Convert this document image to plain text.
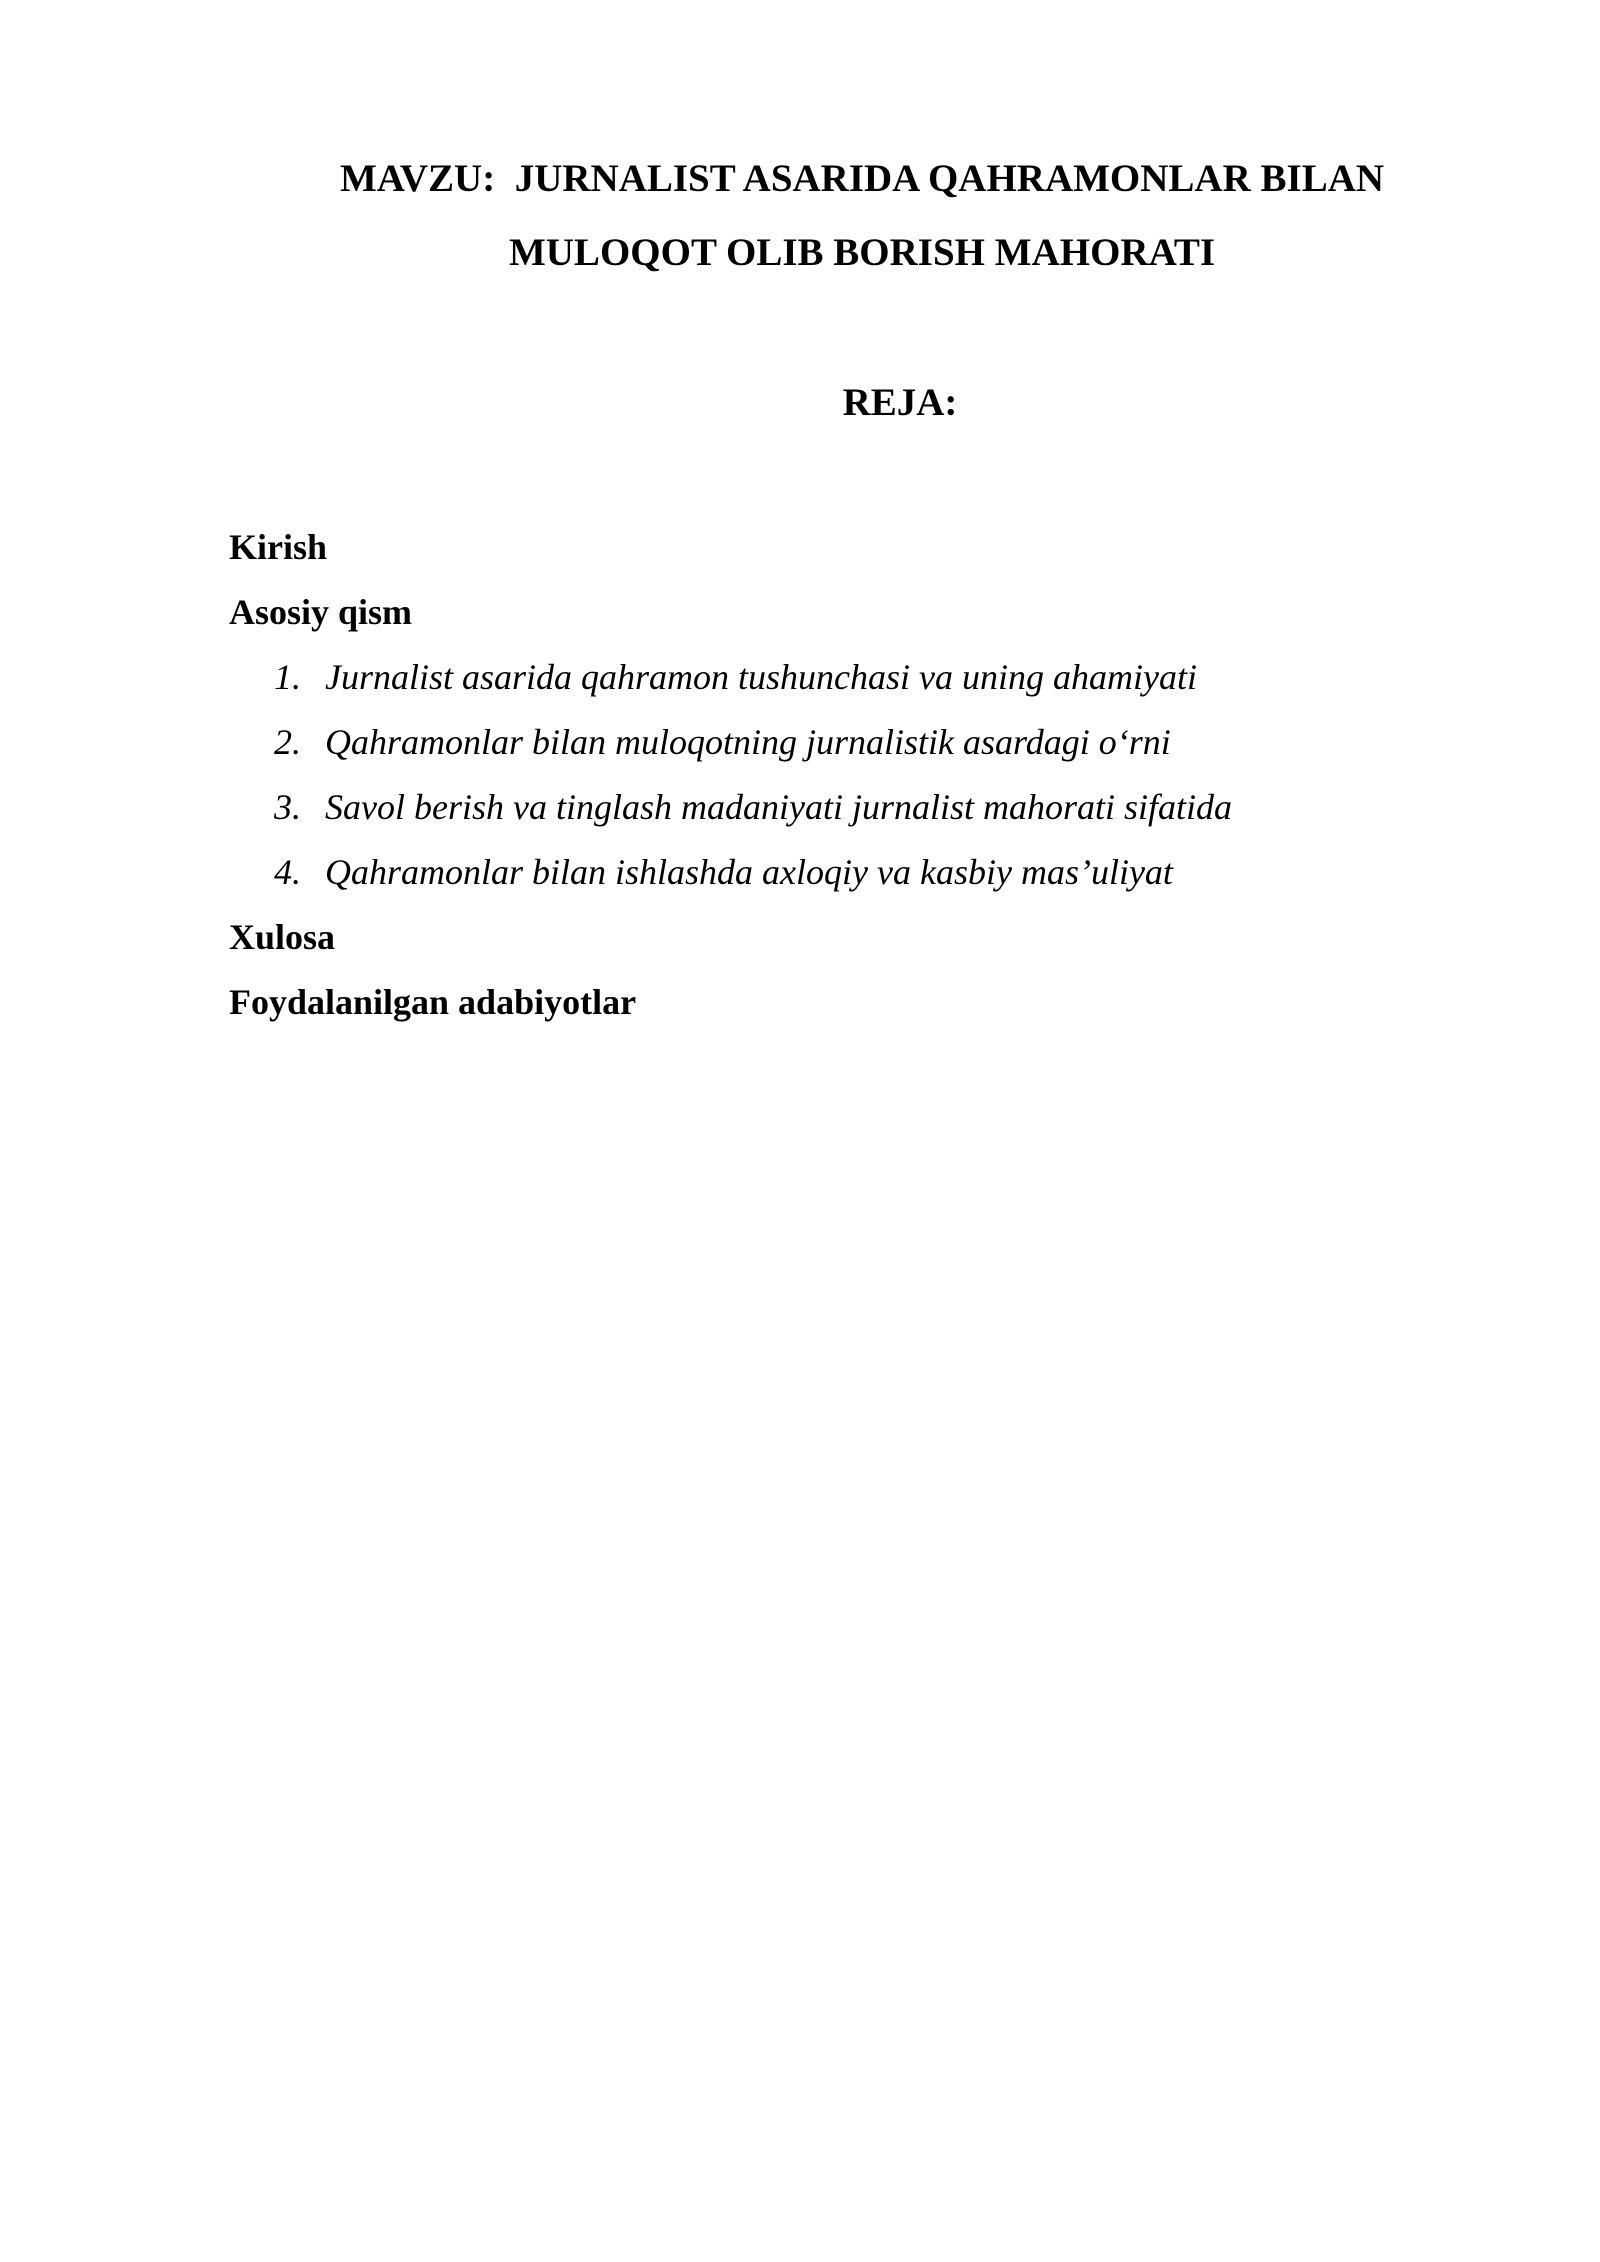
MAVZU:  JURNALIST ASARIDA QAHRAMONLAR BILAN
MULOQOT OLIB BORISH MAHORATI
REJA:
Kirish
Asosiy qism
1. Jurnalist asarida qahramon tushunchasi va uning ahamiyati
2. Qahramonlar bilan muloqotning jurnalistik asardagi o‘rni
3. Savol berish va tinglash madaniyati jurnalist mahorati sifatida
4. Qahramonlar bilan ishlashda axloqiy va kasbiy mas’uliyat
Xulosa
Foydalanilgan adabiyotlar
